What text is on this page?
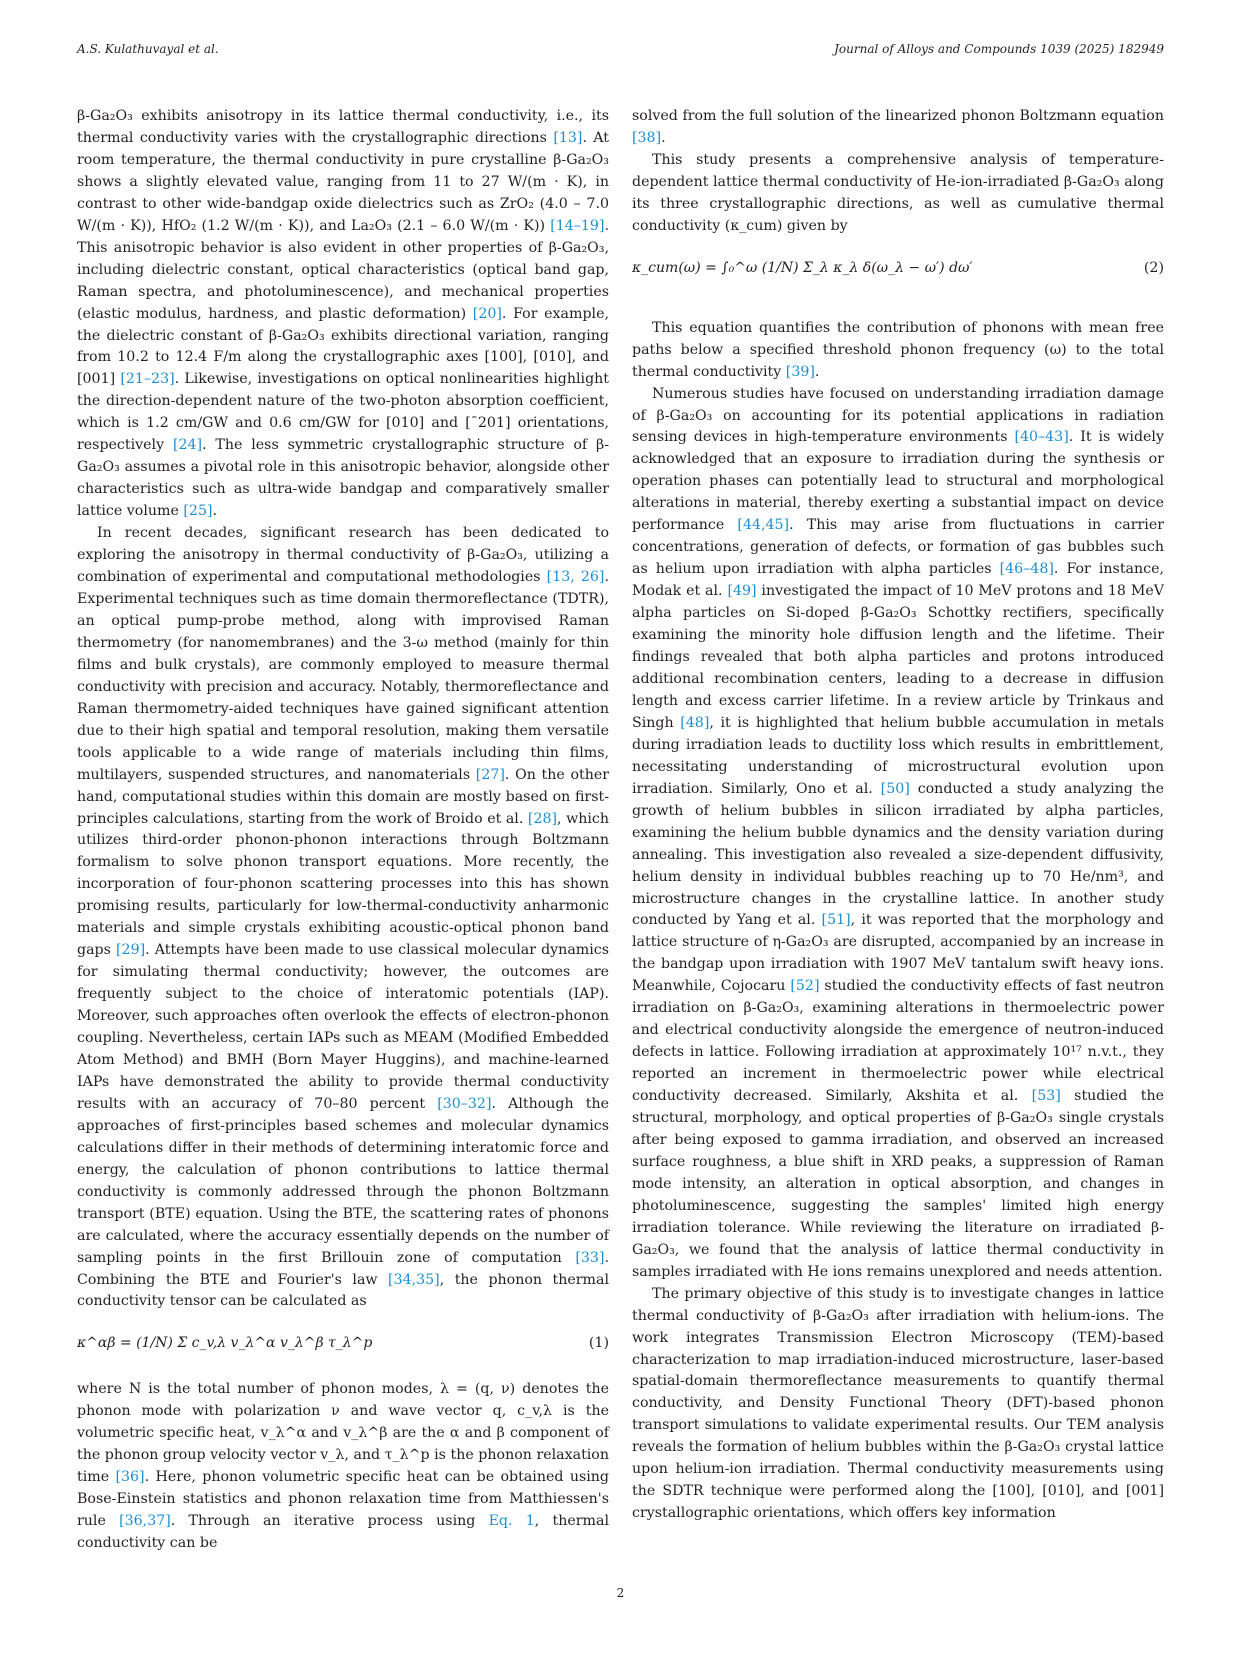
A.S. Kulathuvayal et al.	Journal of Alloys and Compounds 1039 (2025) 182949

β-Ga₂O₃ exhibits anisotropy in its lattice thermal conductivity, i.e., its thermal conductivity varies with the crystallographic directions [13]. At room temperature, the thermal conductivity in pure crystalline β-Ga₂O₃ shows a slightly elevated value, ranging from 11 to 27 W/(m · K), in contrast to other wide-bandgap oxide dielectrics such as ZrO₂ (4.0 – 7.0 W/(m · K)), HfO₂ (1.2 W/(m · K)), and La₂O₃ (2.1 – 6.0 W/(m · K)) [14–19]. This anisotropic behavior is also evident in other properties of β-Ga₂O₃, including dielectric constant, optical characteristics (optical band gap, Raman spectra, and photoluminescence), and mechanical properties (elastic modulus, hardness, and plastic deformation) [20]. For example, the dielectric constant of β-Ga₂O₃ exhibits directional variation, ranging from 10.2 to 12.4 F/m along the crystallographic axes [100], [010], and [001] [21–23]. Likewise, investigations on optical nonlinearities highlight the direction-dependent nature of the two-photon absorption coefficient, which is 1.2 cm/GW and 0.6 cm/GW for [010] and [¯201] orientations, respectively [24]. The less symmetric crystallographic structure of β-Ga₂O₃ assumes a pivotal role in this anisotropic behavior, alongside other characteristics such as ultra-wide bandgap and comparatively smaller lattice volume [25].

In recent decades, significant research has been dedicated to exploring the anisotropy in thermal conductivity of β-Ga₂O₃, utilizing a combination of experimental and computational methodologies [13, 26]. Experimental techniques such as time domain thermoreflectance (TDTR), an optical pump-probe method, along with improvised Raman thermometry (for nanomembranes) and the 3-ω method (mainly for thin films and bulk crystals), are commonly employed to measure thermal conductivity with precision and accuracy. Notably, thermoreflectance and Raman thermometry-aided techniques have gained significant attention due to their high spatial and temporal resolution, making them versatile tools applicable to a wide range of materials including thin films, multilayers, suspended structures, and nanomaterials [27]. On the other hand, computational studies within this domain are mostly based on first-principles calculations, starting from the work of Broido et al. [28], which utilizes third-order phonon-phonon interactions through Boltzmann formalism to solve phonon transport equations. More recently, the incorporation of four-phonon scattering processes into this has shown promising results, particularly for low-thermal-conductivity anharmonic materials and simple crystals exhibiting acoustic-optical phonon band gaps [29]. Attempts have been made to use classical molecular dynamics for simulating thermal conductivity; however, the outcomes are frequently subject to the choice of interatomic potentials (IAP). Moreover, such approaches often overlook the effects of electron-phonon coupling. Nevertheless, certain IAPs such as MEAM (Modified Embedded Atom Method) and BMH (Born Mayer Huggins), and machine-learned IAPs have demonstrated the ability to provide thermal conductivity results with an accuracy of 70–80 percent [30–32]. Although the approaches of first-principles based schemes and molecular dynamics calculations differ in their methods of determining interatomic force and energy, the calculation of phonon contributions to lattice thermal conductivity is commonly addressed through the phonon Boltzmann transport (BTE) equation. Using the BTE, the scattering rates of phonons are calculated, where the accuracy essentially depends on the number of sampling points in the first Brillouin zone of computation [33]. Combining the BTE and Fourier's law [34,35], the phonon thermal conductivity tensor can be calculated as

κ^αβ = (1/N) Σ c_v,λ v_λ^α v_λ^β τ_λ^p	(1)

where N is the total number of phonon modes, λ = (q, ν) denotes the phonon mode with polarization ν and wave vector q, c_v,λ is the volumetric specific heat, v_λ^α and v_λ^β are the α and β component of the phonon group velocity vector v_λ, and τ_λ^p is the phonon relaxation time [36]. Here, phonon volumetric specific heat can be obtained using Bose-Einstein statistics and phonon relaxation time from Matthiessen's rule [36,37]. Through an iterative process using Eq. 1, thermal conductivity can be

solved from the full solution of the linearized phonon Boltzmann equation [38].

This study presents a comprehensive analysis of temperature-dependent lattice thermal conductivity of He-ion-irradiated β-Ga₂O₃ along its three crystallographic directions, as well as cumulative thermal conductivity (κ_cum) given by

κ_cum(ω) = ∫₀^ω (1/N) Σ_λ κ_λ δ(ω_λ − ω′) dω′	(2)

This equation quantifies the contribution of phonons with mean free paths below a specified threshold phonon frequency (ω) to the total thermal conductivity [39].

Numerous studies have focused on understanding irradiation damage of β-Ga₂O₃ on accounting for its potential applications in radiation sensing devices in high-temperature environments [40–43]. It is widely acknowledged that an exposure to irradiation during the synthesis or operation phases can potentially lead to structural and morphological alterations in material, thereby exerting a substantial impact on device performance [44,45]. This may arise from fluctuations in carrier concentrations, generation of defects, or formation of gas bubbles such as helium upon irradiation with alpha particles [46–48]. For instance, Modak et al. [49] investigated the impact of 10 MeV protons and 18 MeV alpha particles on Si-doped β-Ga₂O₃ Schottky rectifiers, specifically examining the minority hole diffusion length and the lifetime. Their findings revealed that both alpha particles and protons introduced additional recombination centers, leading to a decrease in diffusion length and excess carrier lifetime. In a review article by Trinkaus and Singh [48], it is highlighted that helium bubble accumulation in metals during irradiation leads to ductility loss which results in embrittlement, necessitating understanding of microstructural evolution upon irradiation. Similarly, Ono et al. [50] conducted a study analyzing the growth of helium bubbles in silicon irradiated by alpha particles, examining the helium bubble dynamics and the density variation during annealing. This investigation also revealed a size-dependent diffusivity, helium density in individual bubbles reaching up to 70 He/nm³, and microstructure changes in the crystalline lattice. In another study conducted by Yang et al. [51], it was reported that the morphology and lattice structure of η-Ga₂O₃ are disrupted, accompanied by an increase in the bandgap upon irradiation with 1907 MeV tantalum swift heavy ions. Meanwhile, Cojocaru [52] studied the conductivity effects of fast neutron irradiation on β-Ga₂O₃, examining alterations in thermoelectric power and electrical conductivity alongside the emergence of neutron-induced defects in lattice. Following irradiation at approximately 10¹⁷ n.v.t., they reported an increment in thermoelectric power while electrical conductivity decreased. Similarly, Akshita et al. [53] studied the structural, morphology, and optical properties of β-Ga₂O₃ single crystals after being exposed to gamma irradiation, and observed an increased surface roughness, a blue shift in XRD peaks, a suppression of Raman mode intensity, an alteration in optical absorption, and changes in photoluminescence, suggesting the samples' limited high energy irradiation tolerance. While reviewing the literature on irradiated β-Ga₂O₃, we found that the analysis of lattice thermal conductivity in samples irradiated with He ions remains unexplored and needs attention.

The primary objective of this study is to investigate changes in lattice thermal conductivity of β-Ga₂O₃ after irradiation with helium-ions. The work integrates Transmission Electron Microscopy (TEM)-based characterization to map irradiation-induced microstructure, laser-based spatial-domain thermoreflectance measurements to quantify thermal conductivity, and Density Functional Theory (DFT)-based phonon transport simulations to validate experimental results. Our TEM analysis reveals the formation of helium bubbles within the β-Ga₂O₃ crystal lattice upon helium-ion irradiation. Thermal conductivity measurements using the SDTR technique were performed along the [100], [010], and [001] crystallographic orientations, which offers key information

2
